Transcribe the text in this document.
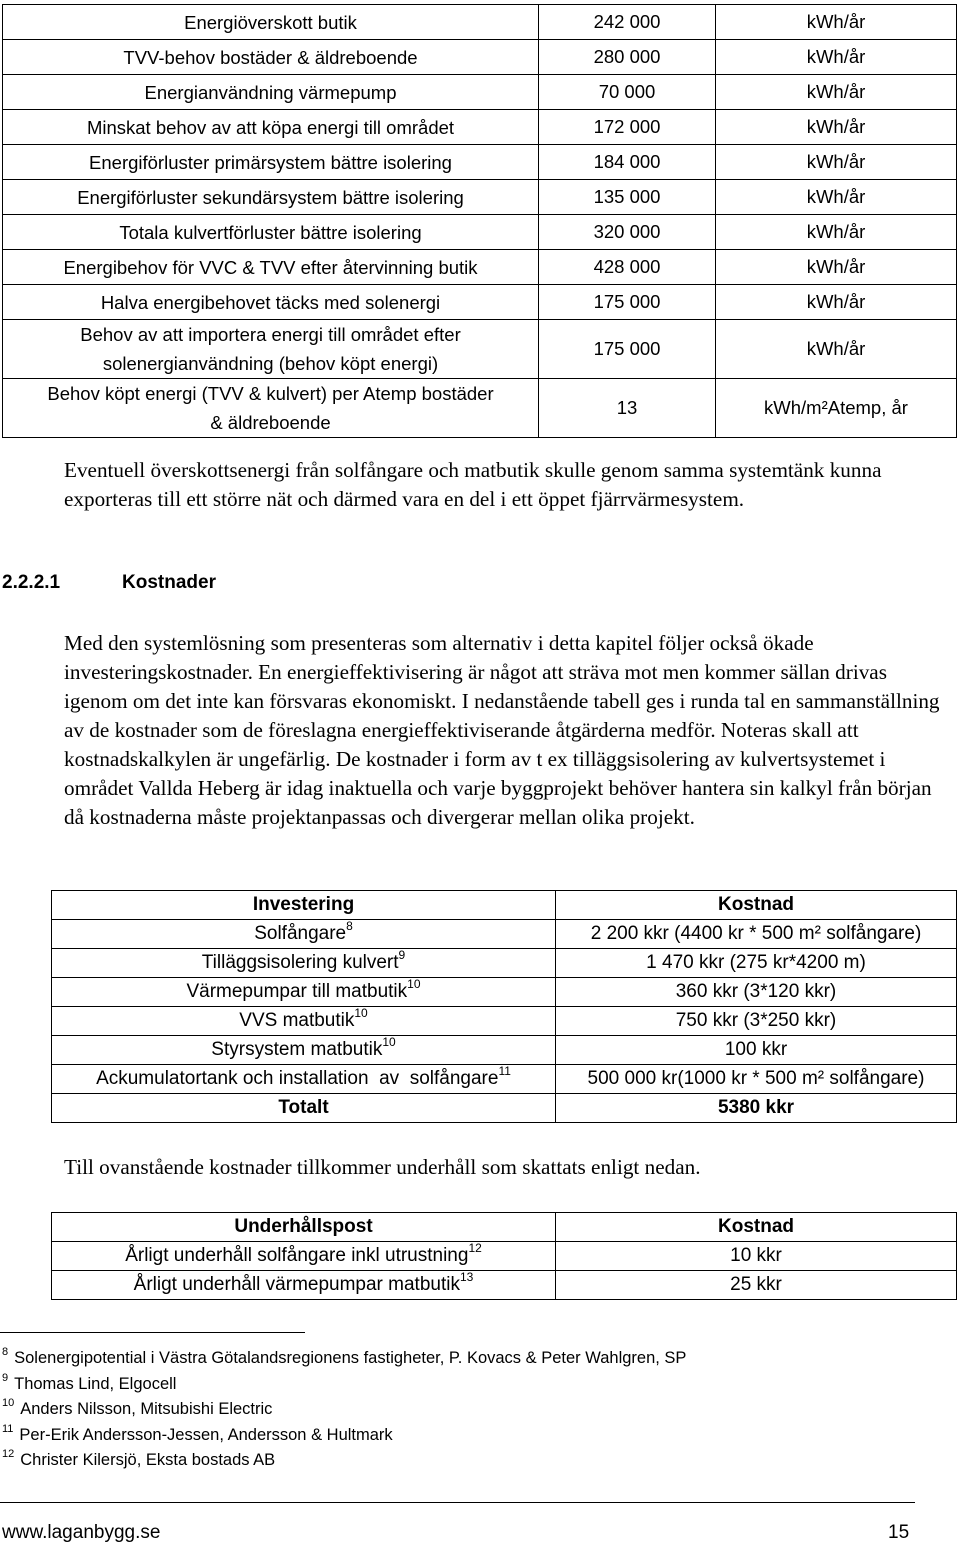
Energiöverskott butik	242 000	kWh/år
TVV-behov bostäder & äldreboende	280 000	kWh/år
Energianvändning värmepump	70 000	kWh/år
Minskat behov av att köpa energi till området	172 000	kWh/år
Energiförluster primärsystem bättre isolering	184 000	kWh/år
Energiförluster sekundärsystem bättre isolering	135 000	kWh/år
Totala kulvertförluster bättre isolering	320 000	kWh/år
Energibehov för VVC & TVV efter återvinning butik	428 000	kWh/år
Halva energibehovet täcks med solenergi	175 000	kWh/år

Behov av att importera energi till området efter
solenergianvändning (behov köpt energi)	175 000	kWh/år

Behov köpt energi (TVV & kulvert) per Atemp bostäder
& äldreboende	13	kWh/m²Atemp, år

Eventuell överskottsenergi från solfångare och matbutik skulle genom samma systemtänk kunna exporteras till ett större nät och därmed vara en del i ett öppet fjärrvärmesystem.

2.2.2.1	Kostnader

Med den systemlösning som presenteras som alternativ i detta kapitel följer också ökade investeringskostnader. En energieffektivisering är något att sträva mot men kommer sällan drivas igenom om det inte kan försvaras ekonomiskt. I nedanstående tabell ges i runda tal en sammanställning av de kostnader som de föreslagna energieffektiviserande åtgärderna medför. Noteras skall att kostnadskalkylen är ungefärlig. De kostnader i form av t ex tilläggsisolering av kulvertsystemet i området Vallda Heberg är idag inaktuella och varje byggprojekt behöver hantera sin kalkyl från början då kostnaderna måste projektanpassas och divergerar mellan olika projekt.

Investering	Kostnad
Solfångare$^8$	2 200 kkr (4400 kr * 500 m² solfångare)
Tilläggsisolering kulvert$^9$	1 470 kkr (275 kr*4200 m)
Värmepumpar till matbutik$^{10}$	360 kkr (3*120 kkr)
VVS matbutik$^{10}$	750 kkr (3*250 kkr)
Styrsystem matbutik$^{10}$	100 kkr
Ackumulatortank och installation  av  solfångare$^{11}$	500 000 kr(1000 kr * 500 m² solfångare)
Totalt	5380 kkr

Till ovanstående kostnader tillkommer underhåll som skattats enligt nedan.

Underhållspost	Kostnad
Årligt underhåll solfångare inkl utrustning$^{12}$	10 kkr
Årligt underhåll värmepumpar matbutik$^{13}$	25 kkr
$^8$ Solenergipotential i Västra Götalandsregionens fastigheter, P. Kovacs & Peter Wahlgren, SP
$^9$ Thomas Lind, Elgocell
$^{10}$ Anders Nilsson, Mitsubishi Electric
$^{11}$ Per-Erik Andersson-Jessen, Andersson & Hultmark
$^{12}$ Christer Kilersjö, Eksta bostads AB
www.laganbygg.se	15
